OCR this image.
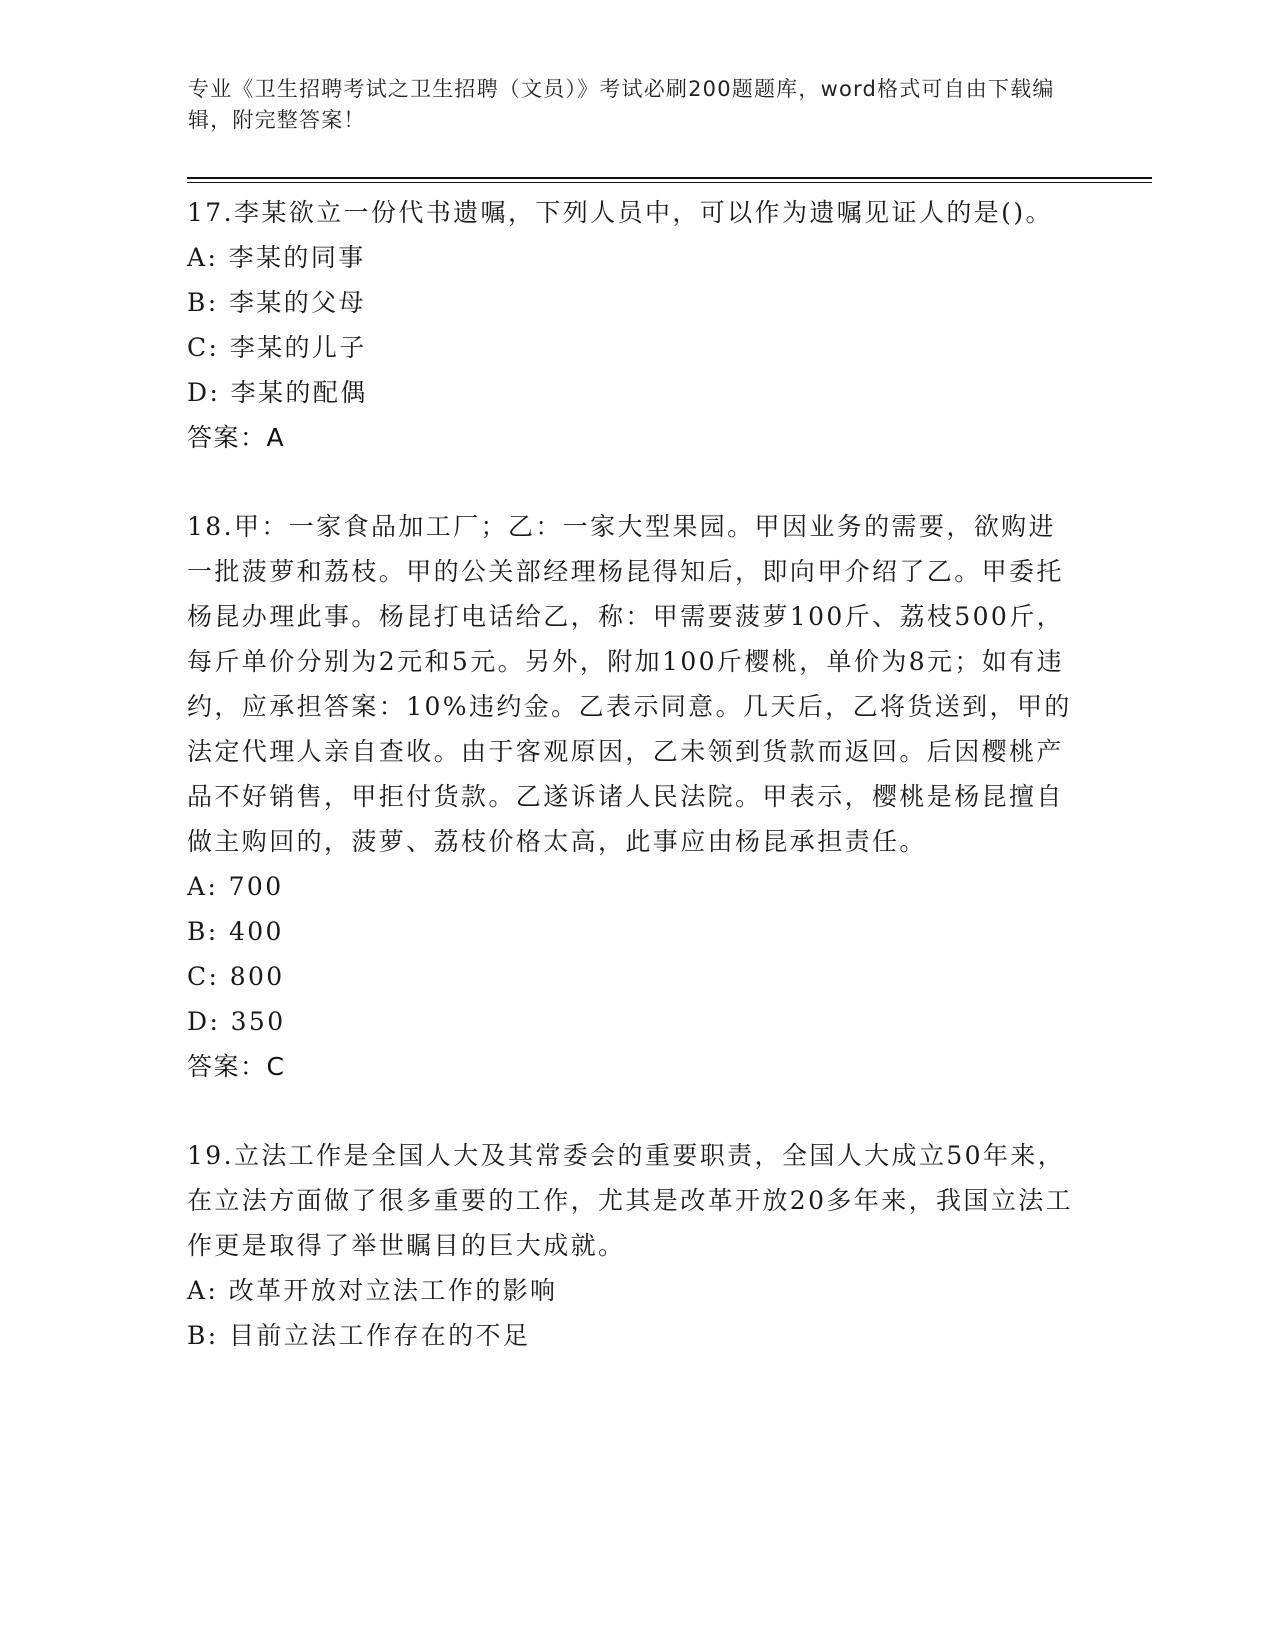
专业《卫生招聘考试之卫生招聘（文员）》考试必刷200题题库，word格式可自由下载编辑，附完整答案！

17.李某欲立一份代书遗嘱，下列人员中，可以作为遗嘱见证人的是()。

A: 李某的同事

B: 李某的父母

C: 李某的儿子

D: 李某的配偶

答案：A

18.甲：一家食品加工厂；乙：一家大型果园。甲因业务的需要，欲购进一批菠萝和荔枝。甲的公关部经理杨昆得知后，即向甲介绍了乙。甲委托杨昆办理此事。杨昆打电话给乙，称：甲需要菠萝100斤、荔枝500斤，每斤单价分别为2元和5元。另外，附加100斤樱桃，单价为8元；如有违约，应承担答案：10%违约金。乙表示同意。几天后，乙将货送到，甲的法定代理人亲自查收。由于客观原因，乙未领到货款而返回。后因樱桃产品不好销售，甲拒付货款。乙遂诉诸人民法院。甲表示，樱桃是杨昆擅自做主购回的，菠萝、荔枝价格太高，此事应由杨昆承担责任。

A: 700

B: 400

C: 800

D: 350

答案：C

19.立法工作是全国人大及其常委会的重要职责，全国人大成立50年来，在立法方面做了很多重要的工作，尤其是改革开放20多年来，我国立法工作更是取得了举世瞩目的巨大成就。

A: 改革开放对立法工作的影响

B: 目前立法工作存在的不足
